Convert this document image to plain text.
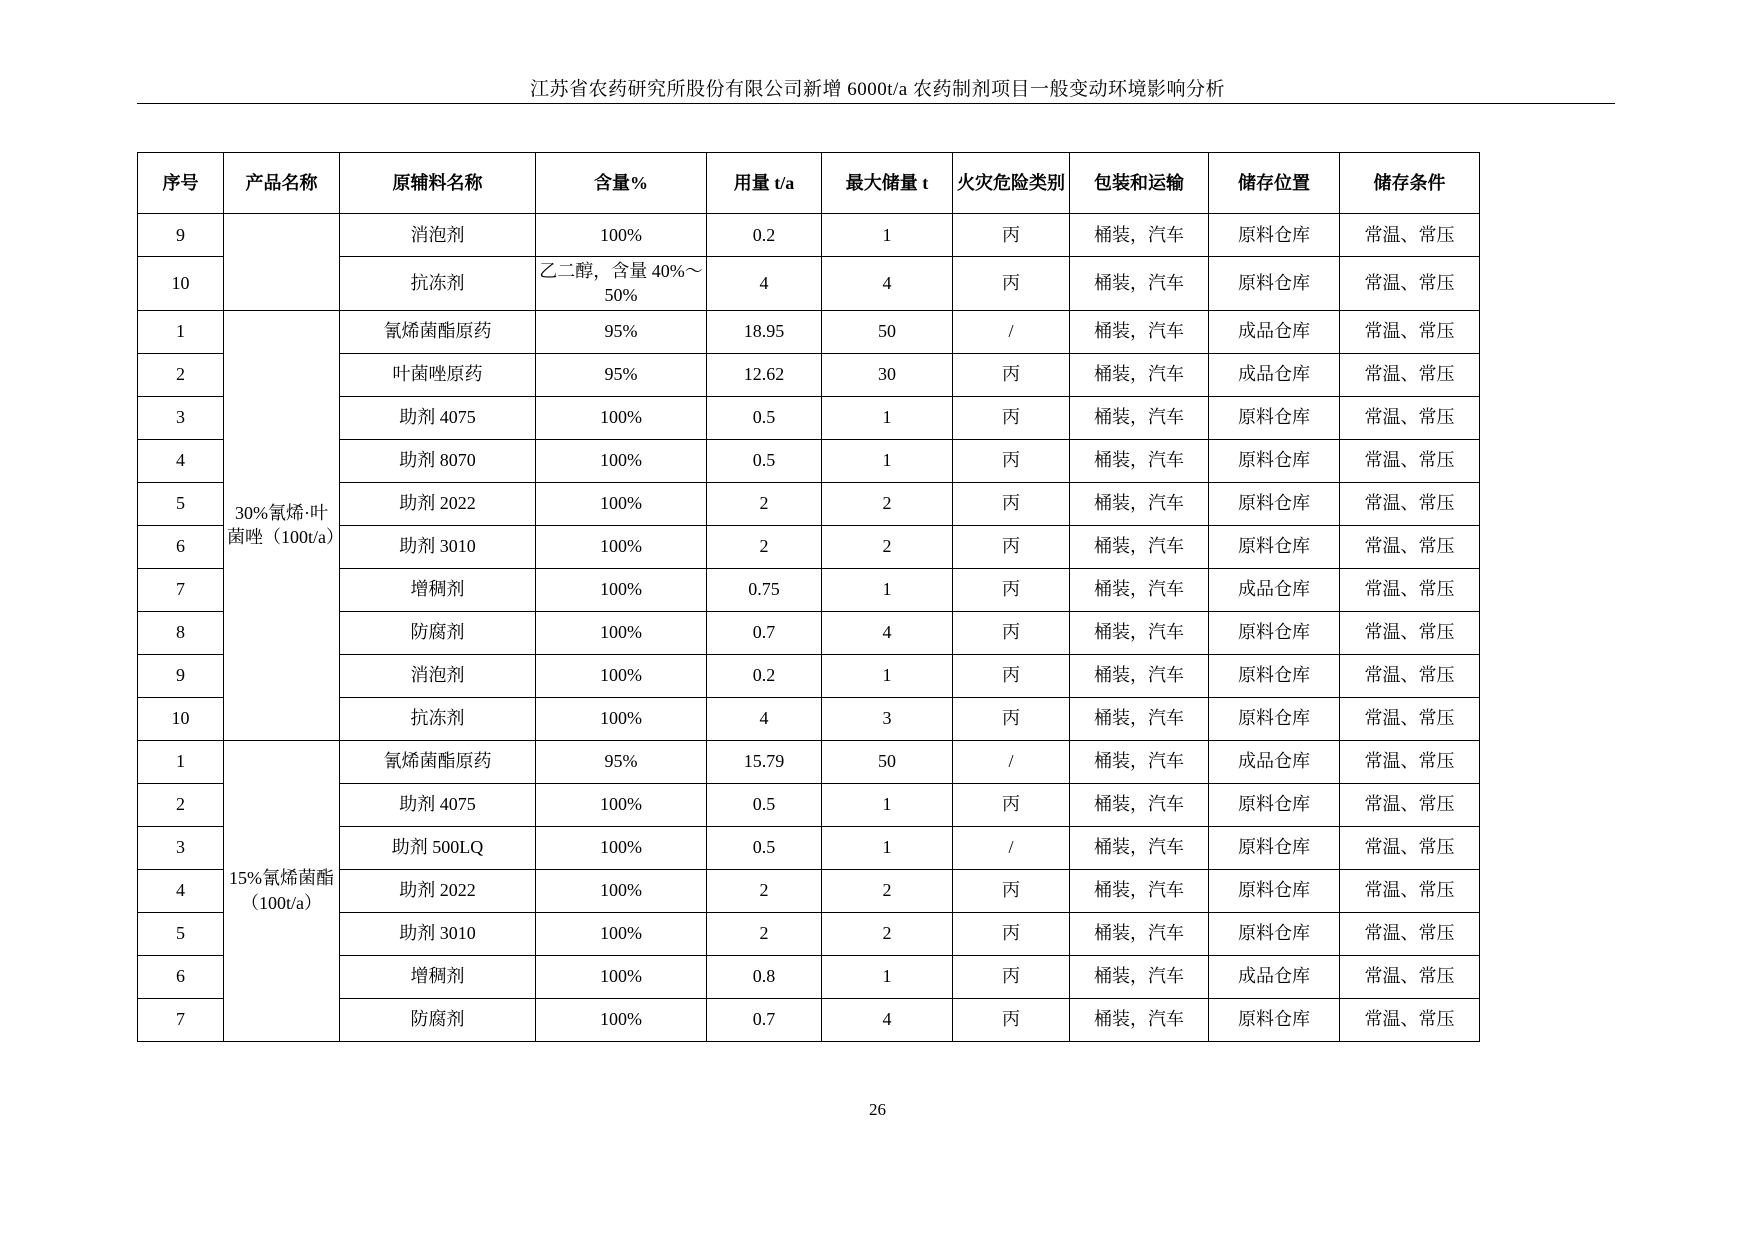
江苏省农药研究所股份有限公司新增 6000t/a 农药制剂项目一般变动环境影响分析
序号	产品名称	原辅料名称	含量%	用量 t/a	最大储量 t	火灾危险类别	包装和运输	储存位置	储存条件
9		消泡剂	100%	0.2	1	丙	桶装，汽车	原料仓库	常温、常压
10		抗冻剂	乙二醇，含量 40%～50%	4	4	丙	桶装，汽车	原料仓库	常温、常压
1	30%氰烯·叶菌唑（100t/a）	氰烯菌酯原药	95%	18.95	50	/	桶装，汽车	成品仓库	常温、常压
2		叶菌唑原药	95%	12.62	30	丙	桶装，汽车	成品仓库	常温、常压
3		助剂 4075	100%	0.5	1	丙	桶装，汽车	原料仓库	常温、常压
4		助剂 8070	100%	0.5	1	丙	桶装，汽车	原料仓库	常温、常压
5		助剂 2022	100%	2	2	丙	桶装，汽车	原料仓库	常温、常压
6		助剂 3010	100%	2	2	丙	桶装，汽车	原料仓库	常温、常压
7		增稠剂	100%	0.75	1	丙	桶装，汽车	成品仓库	常温、常压
8		防腐剂	100%	0.7	4	丙	桶装，汽车	原料仓库	常温、常压
9		消泡剂	100%	0.2	1	丙	桶装，汽车	原料仓库	常温、常压
10		抗冻剂	100%	4	3	丙	桶装，汽车	原料仓库	常温、常压
1	15%氰烯菌酯（100t/a）	氰烯菌酯原药	95%	15.79	50	/	桶装，汽车	成品仓库	常温、常压
2		助剂 4075	100%	0.5	1	丙	桶装，汽车	原料仓库	常温、常压
3		助剂 500LQ	100%	0.5	1	/	桶装，汽车	原料仓库	常温、常压
4		助剂 2022	100%	2	2	丙	桶装，汽车	原料仓库	常温、常压
5		助剂 3010	100%	2	2	丙	桶装，汽车	原料仓库	常温、常压
6		增稠剂	100%	0.8	1	丙	桶装，汽车	成品仓库	常温、常压
7		防腐剂	100%	0.7	4	丙	桶装，汽车	原料仓库	常温、常压
26
